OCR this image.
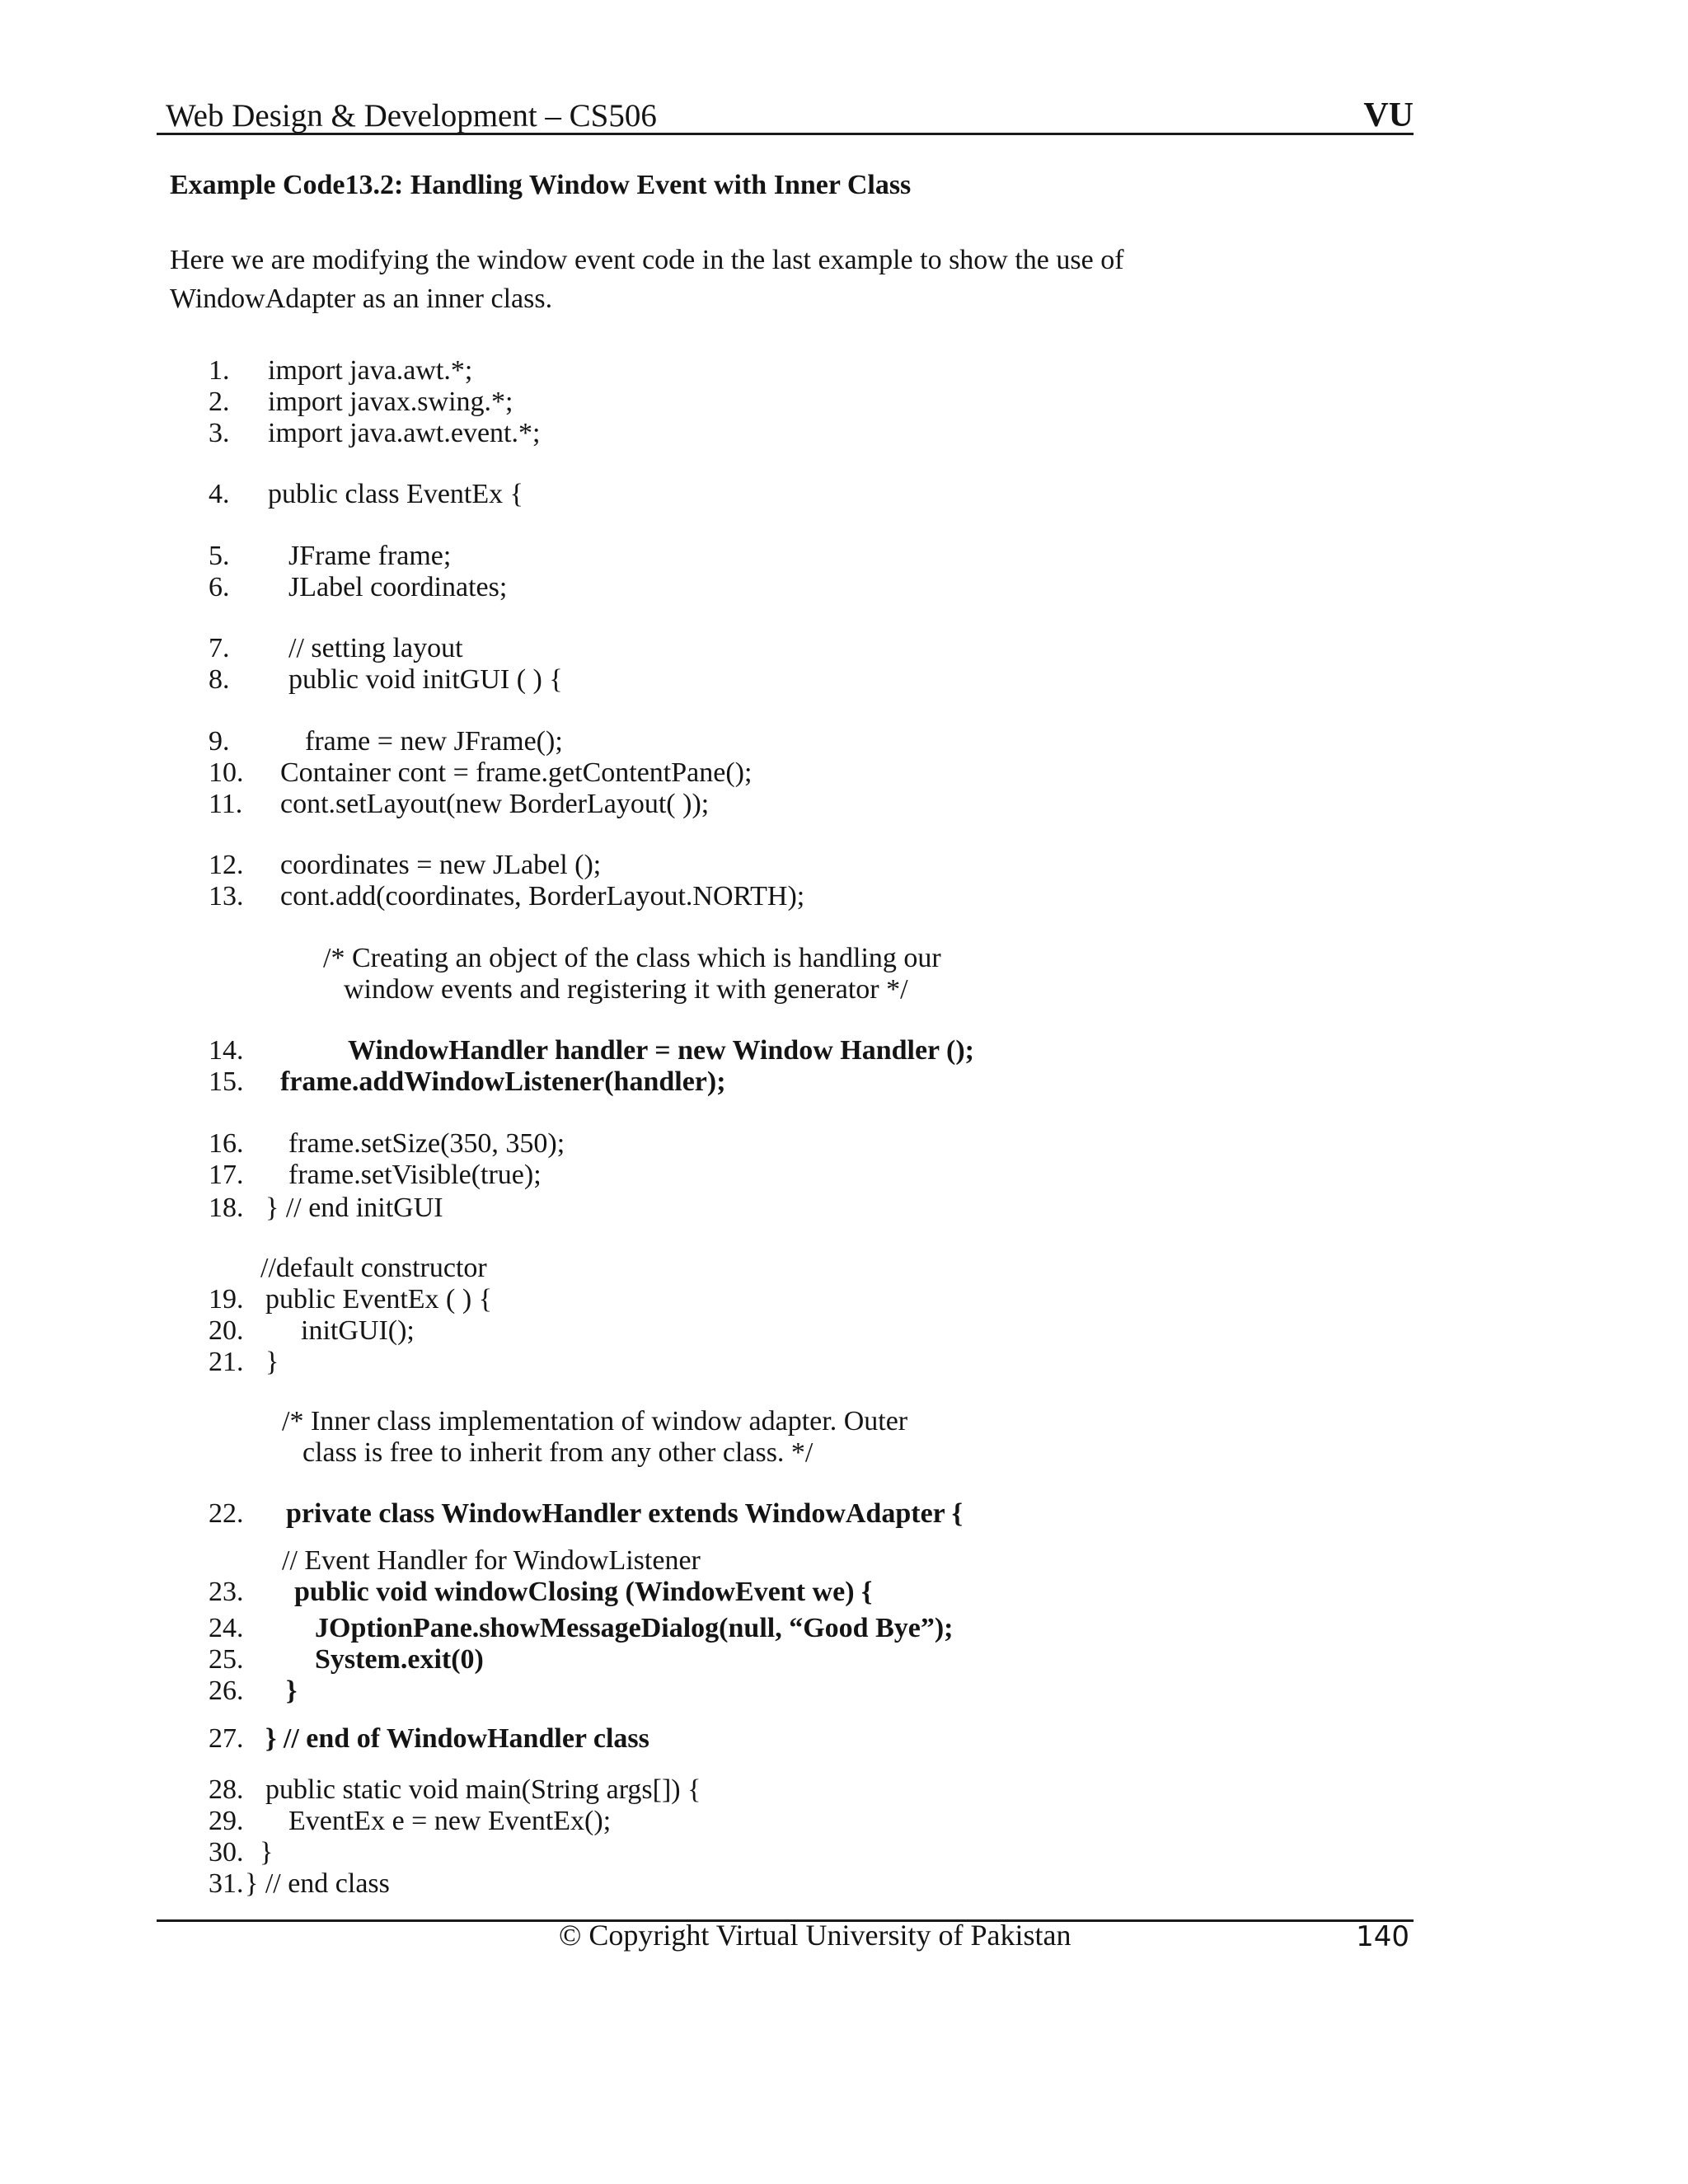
Web Design & Development – CS506	VU
Example Code13.2: Handling Window Event with Inner Class
Here we are modifying the window event code in the last example to show the use of
WindowAdapter as an inner class.
1. import java.awt.*;
2. import javax.swing.*;
3. import java.awt.event.*;
4. public class EventEx {
5. JFrame frame;
6. JLabel coordinates;
7. // setting layout
8. public void initGUI ( ) {
9.	frame = new JFrame();
10. Container cont = frame.getContentPane();
11. cont.setLayout(new BorderLayout( ));
12. coordinates = new JLabel ();
13. cont.add(coordinates, BorderLayout.NORTH);
/* Creating an object of the class which is handling our
window events and registering it with generator */
14.	WindowHandler handler = new Window Handler ();
15. frame.addWindowListener(handler);
16. frame.setSize(350, 350);
17. frame.setVisible(true);
18. } // end initGUI
//default constructor
19. public EventEx ( ) {
20. initGUI();
21. }
/* Inner class implementation of window adapter. Outer
class is free to inherit from any other class. */
22. private class WindowHandler extends WindowAdapter {
// Event Handler for WindowListener
23. public void windowClosing (WindowEvent we) {
24.	JOptionPane.showMessageDialog(null, “Good Bye”);
25.	System.exit(0)
26. }
27. } // end of WindowHandler class
28. public static void main(String args[]) {
29. EventEx e = new EventEx();
30. }
31. } // end class
© Copyright Virtual University of Pakistan	140
